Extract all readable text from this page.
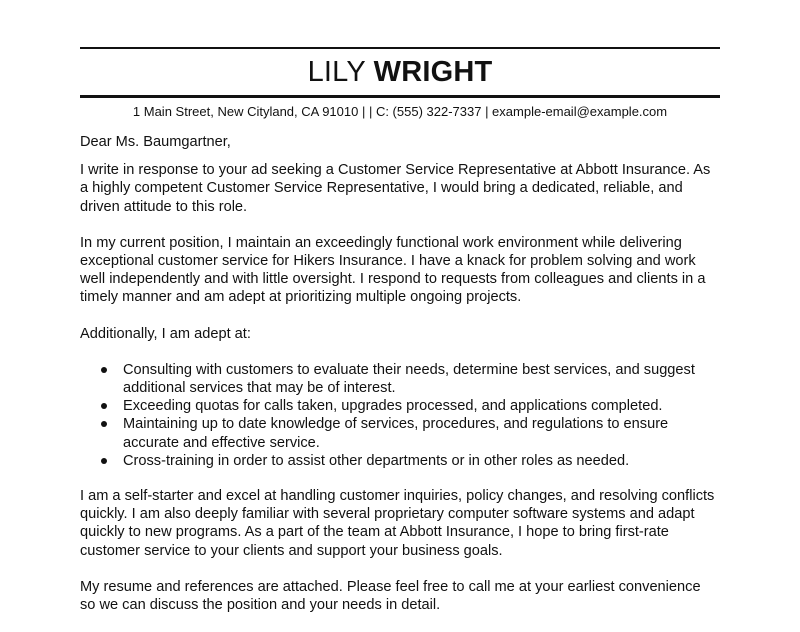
LILY WRIGHT
1 Main Street, New Cityland, CA 91010 | | C: (555) 322-7337 | example-email@example.com

Dear Ms. Baumgartner,

I write in response to your ad seeking a Customer Service Representative at Abbott Insurance. As a highly competent Customer Service Representative, I would bring a dedicated, reliable, and driven attitude to this role.

In my current position, I maintain an exceedingly functional work environment while delivering exceptional customer service for Hikers Insurance. I have a knack for problem solving and work well independently and with little oversight. I respond to requests from colleagues and clients in a timely manner and am adept at prioritizing multiple ongoing projects.

Additionally, I am adept at:

Consulting with customers to evaluate their needs, determine best services, and suggest additional services that may be of interest.
Exceeding quotas for calls taken, upgrades processed, and applications completed.
Maintaining up to date knowledge of services, procedures, and regulations to ensure accurate and effective service.
Cross-training in order to assist other departments or in other roles as needed.

I am a self-starter and excel at handling customer inquiries, policy changes, and resolving conflicts quickly. I am also deeply familiar with several proprietary computer software systems and adapt quickly to new programs. As a part of the team at Abbott Insurance, I hope to bring first-rate customer service to your clients and support your business goals.

My resume and references are attached. Please feel free to call me at your earliest convenience so we can discuss the position and your needs in detail.
